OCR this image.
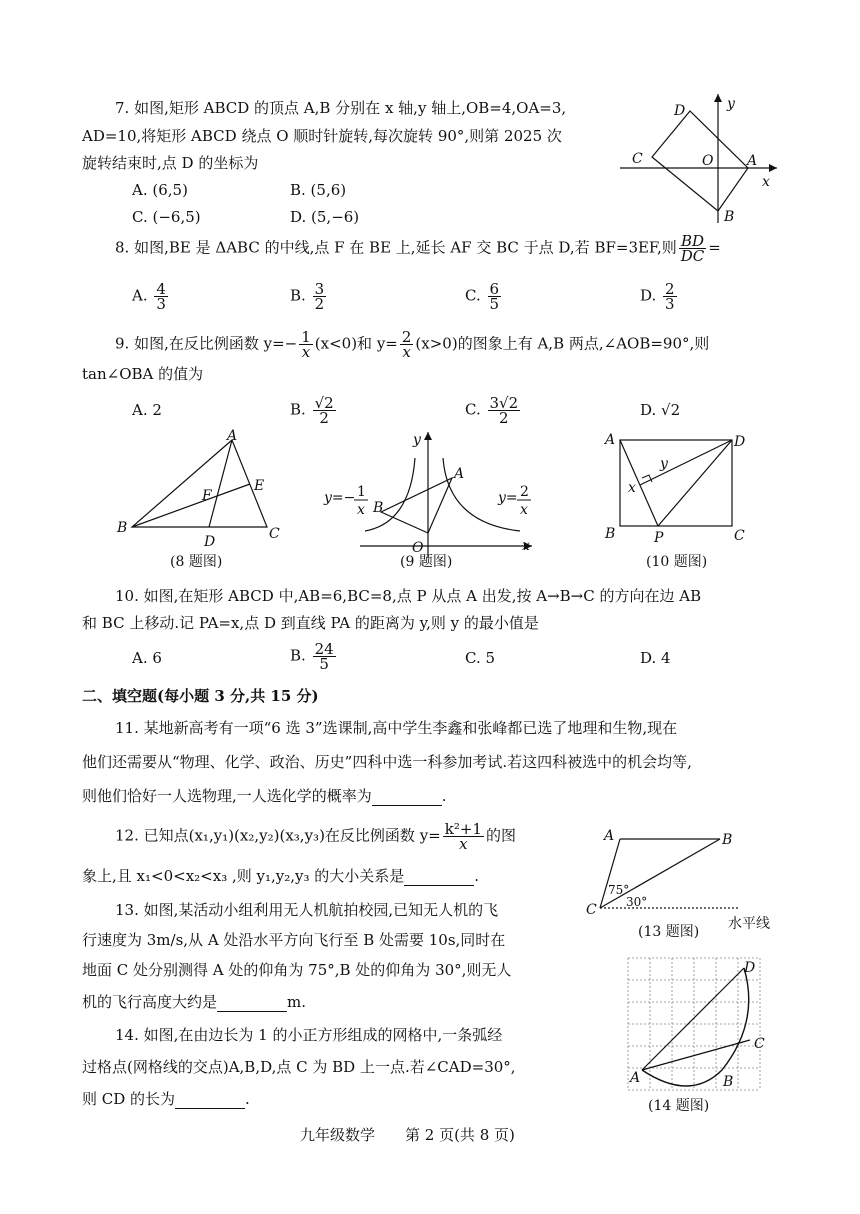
7. 如图,矩形 ABCD 的顶点 A,B 分别在 x 轴,y 轴上,OB=4,OA=3,
AD=10,将矩形 ABCD 绕点 O 顺时针旋转,每次旋转 90°,则第 2025 次
旋转结束时,点 D 的坐标为
A. (6,5)	B. (5,6)
C. (−6,5)	D. (5,−6)
D
C	O A
B
x
y
8. 如图,BE 是 ΔABC 的中线,点 F 在 BE 上,延长 AF 交 BC 于点 D,若 BF=3EF,则 $\frac{BD}{DC}$ =
A. $\frac{4}{3}$	B. $\frac{3}{2}$	C. $\frac{6}{5}$	D. $\frac{2}{3}$
9. 如图,在反比例函数 $y=- \frac{1}{x} (x<0)$和 $y= \frac{2}{x} (x>0)$的图象上有 A,B 两点,∠AOB=90°,则
tan∠OBA 的值为
A. 2	B. $\frac{√2}{2}$	C. $\frac{3√2}{2}$	D. √2
A
B	C
D
E
F
(8 题图)
A
B
O
y
x
y=− 1
x
y= 2
x
(9 题图)
A
B	C
D
P
x
y
(10 题图)
10. 如图,在矩形 ABCD 中,AB=6,BC=8,点 P 从点 A 出发,按 A→B→C 的方向在边 AB
和 BC 上移动.记 PA=x,点 D 到直线 PA 的距离为 y,则 y 的最小值是
A. 6	B. $\frac{24}{5}$	C. 5	D. 4
二、填空题(每小题 3 分,共 15 分)
11. 某地新高考有一项“6 选 3”选课制,高中学生李鑫和张峰都已选了地理和生物,现在
他们还需要从“物理、化学、政治、历史”四科中选一科参加考试.若这四科被选中的机会均等,
则他们恰好一人选物理,一人选化学的概率为	.
12. 已知点(x₁,y₁)(x₂,y₂)(x₃,y₃)在反比例函数 $y= \frac{\text{k²+1}}{x}$ 的图
象上,且 x₁<0<x₂<x₃ ,则 y₁,y₂,y₃ 的大小关系是	.
13. 如图,某活动小组利用无人机航拍校园,已知无人机的飞
行速度为 3m/s,从 A 处沿水平方向飞行至 B 处需要 10s,同时在
地面 C 处分别测得 A 处的仰角为 75°,B 处的仰角为 30°,则无人
机的飞行高度大约是	m.
A	B
C
75°
30°
(13 题图) 水平线
14. 如图,在由边长为 1 的小正方形组成的网格中,一条弧经
过格点(网格线的交点)A,B,D,点 C 为 BD 上一点.若∠CAD=30°,
则 CD 的长为	.
A	B
C
D
(14 题图)
九年级数学　　第 2 页(共 8 页)
